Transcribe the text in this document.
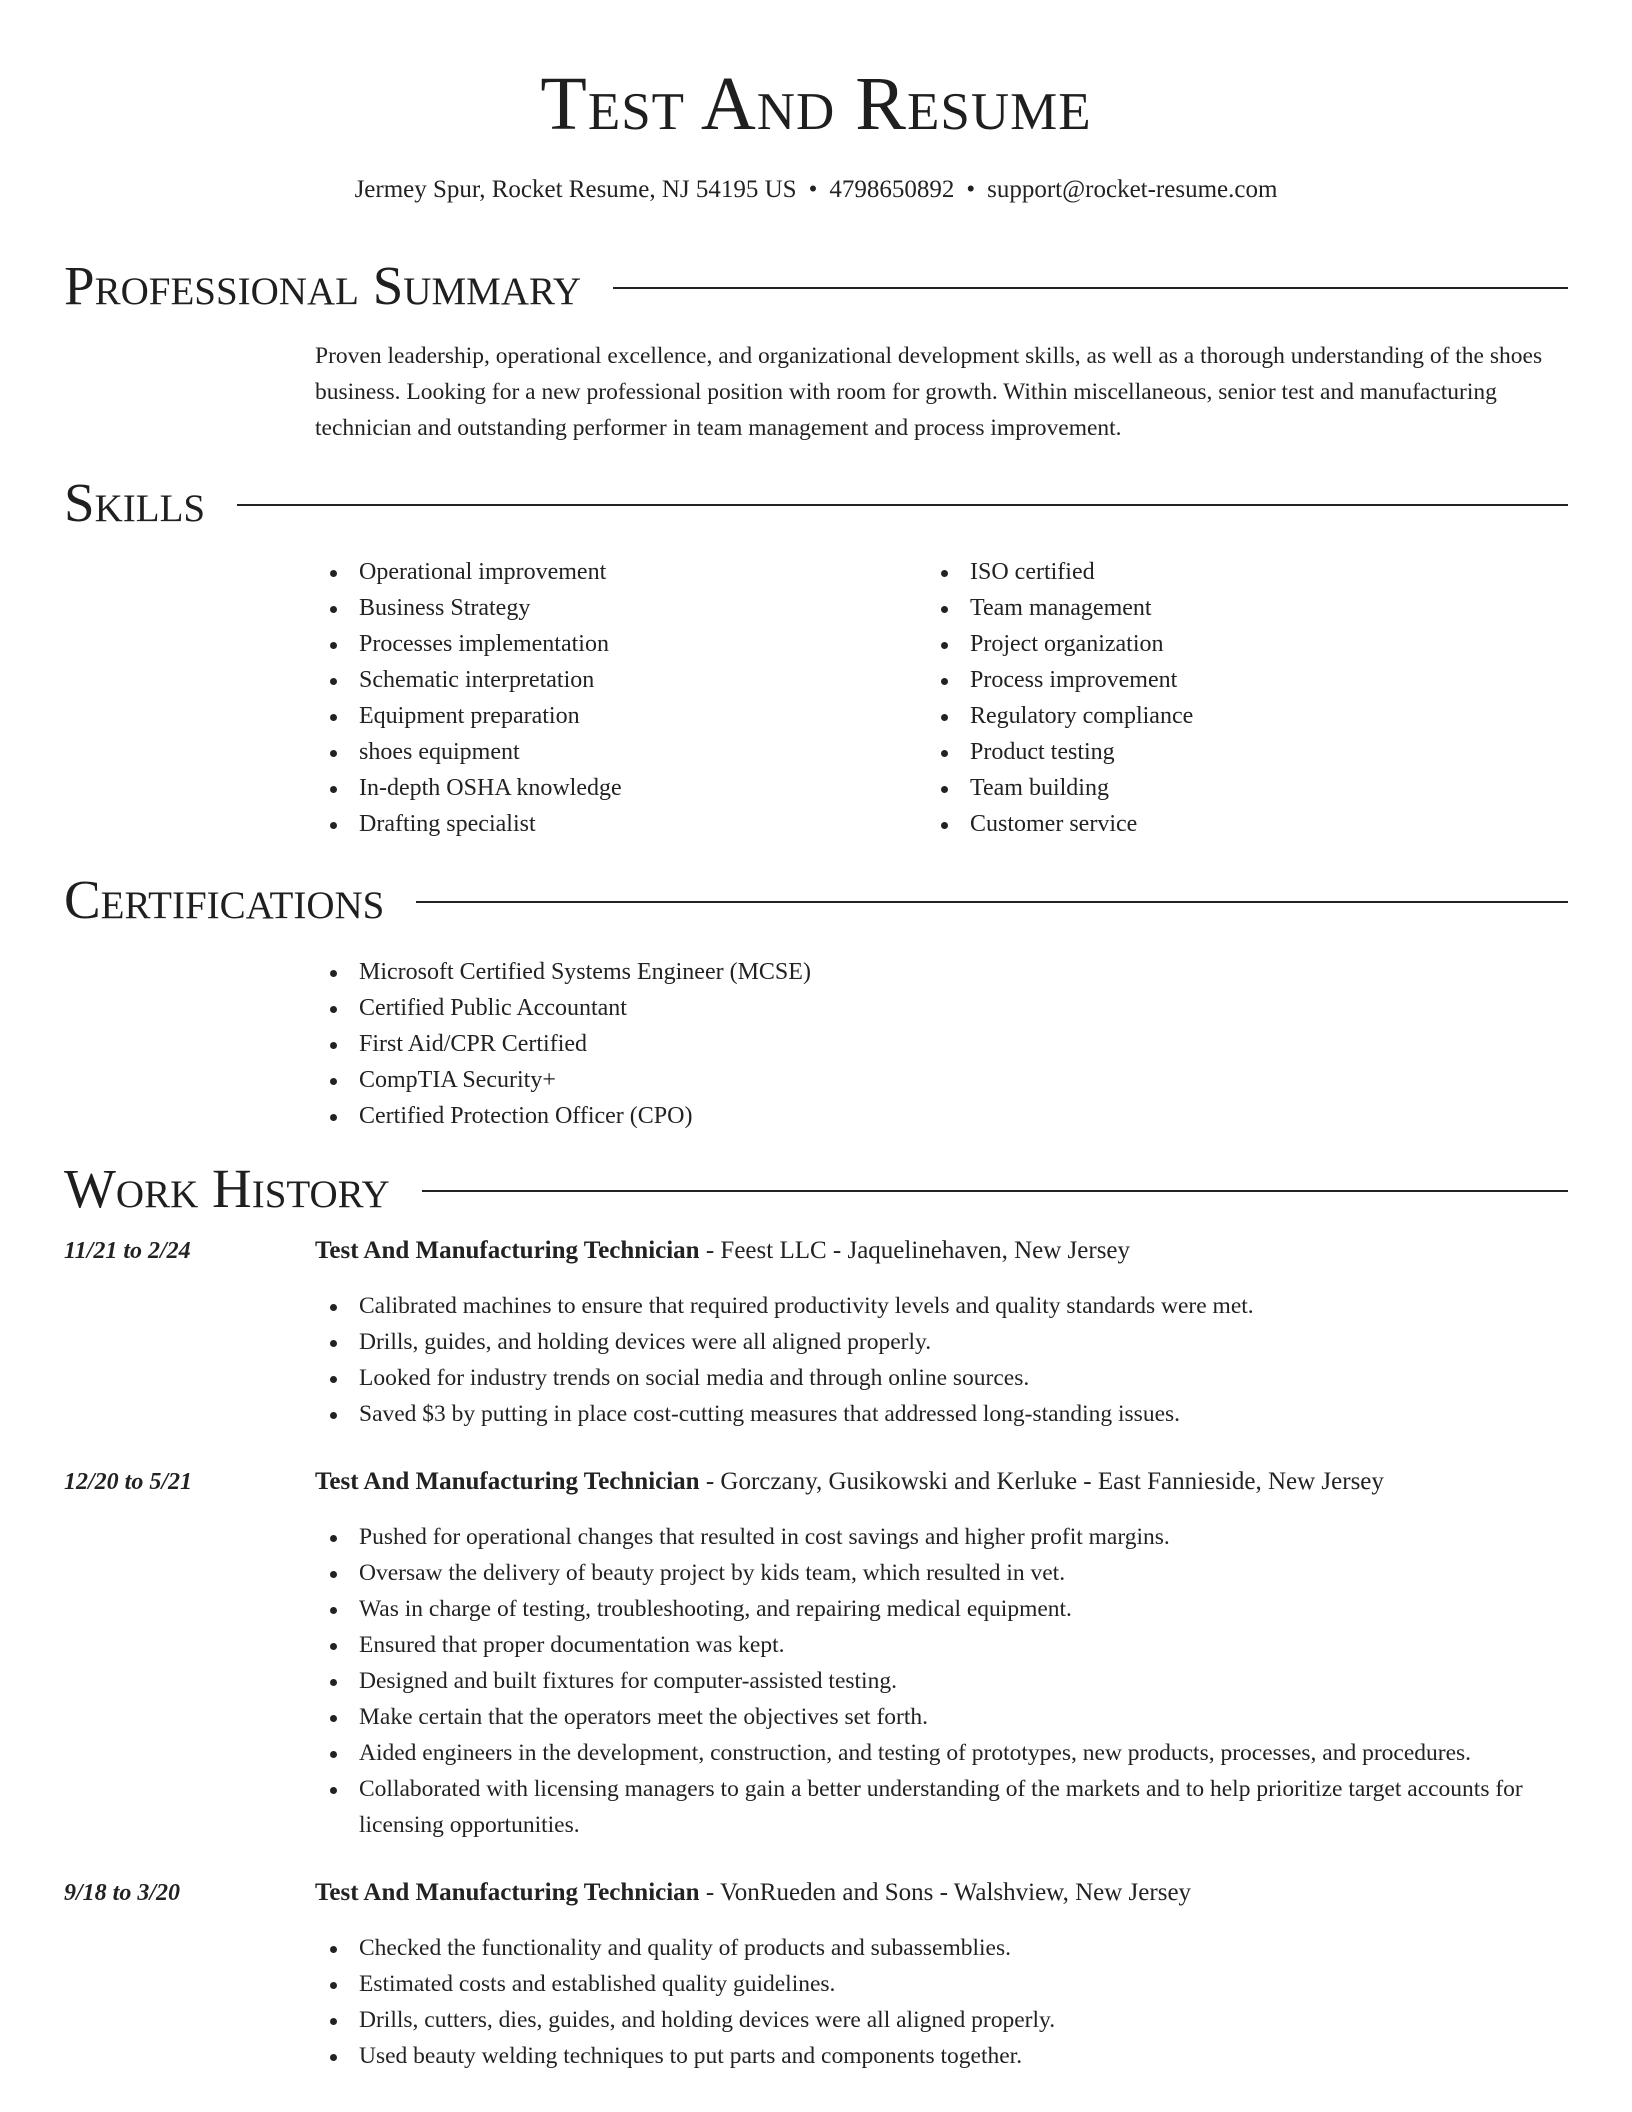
Test And Resume
Jermey Spur, Rocket Resume, NJ 54195 US • 4798650892 • support@rocket-resume.com
Professional Summary

Proven leadership, operational excellence, and organizational development skills, as well as a thorough understanding of the shoes business. Looking for a new professional position with room for growth. Within miscellaneous, senior test and manufacturing technician and outstanding performer in team management and process improvement.

Skills
Operational improvement
Business Strategy
Processes implementation
Schematic interpretation
Equipment preparation
shoes equipment
In-depth OSHA knowledge
Drafting specialist
ISO certified
Team management
Project organization
Process improvement
Regulatory compliance
Product testing
Team building
Customer service
Certifications
Microsoft Certified Systems Engineer (MCSE)
Certified Public Accountant
First Aid/CPR Certified
CompTIA Security+
Certified Protection Officer (CPO)
Work History
11/21 to 2/24	Test And Manufacturing Technician - Feest LLC - Jaquelinehaven, New Jersey
Calibrated machines to ensure that required productivity levels and quality standards were met.
Drills, guides, and holding devices were all aligned properly.
Looked for industry trends on social media and through online sources.
Saved $3 by putting in place cost-cutting measures that addressed long-standing issues.
12/20 to 5/21	Test And Manufacturing Technician - Gorczany, Gusikowski and Kerluke - East Fannieside, New Jersey
Pushed for operational changes that resulted in cost savings and higher profit margins.
Oversaw the delivery of beauty project by kids team, which resulted in vet.
Was in charge of testing, troubleshooting, and repairing medical equipment.
Ensured that proper documentation was kept.
Designed and built fixtures for computer-assisted testing.
Make certain that the operators meet the objectives set forth.
Aided engineers in the development, construction, and testing of prototypes, new products, processes, and procedures.
Collaborated with licensing managers to gain a better understanding of the markets and to help prioritize target accounts for licensing opportunities.
9/18 to 3/20	Test And Manufacturing Technician - VonRueden and Sons - Walshview, New Jersey
Checked the functionality and quality of products and subassemblies.
Estimated costs and established quality guidelines.
Drills, cutters, dies, guides, and holding devices were all aligned properly.
Used beauty welding techniques to put parts and components together.
